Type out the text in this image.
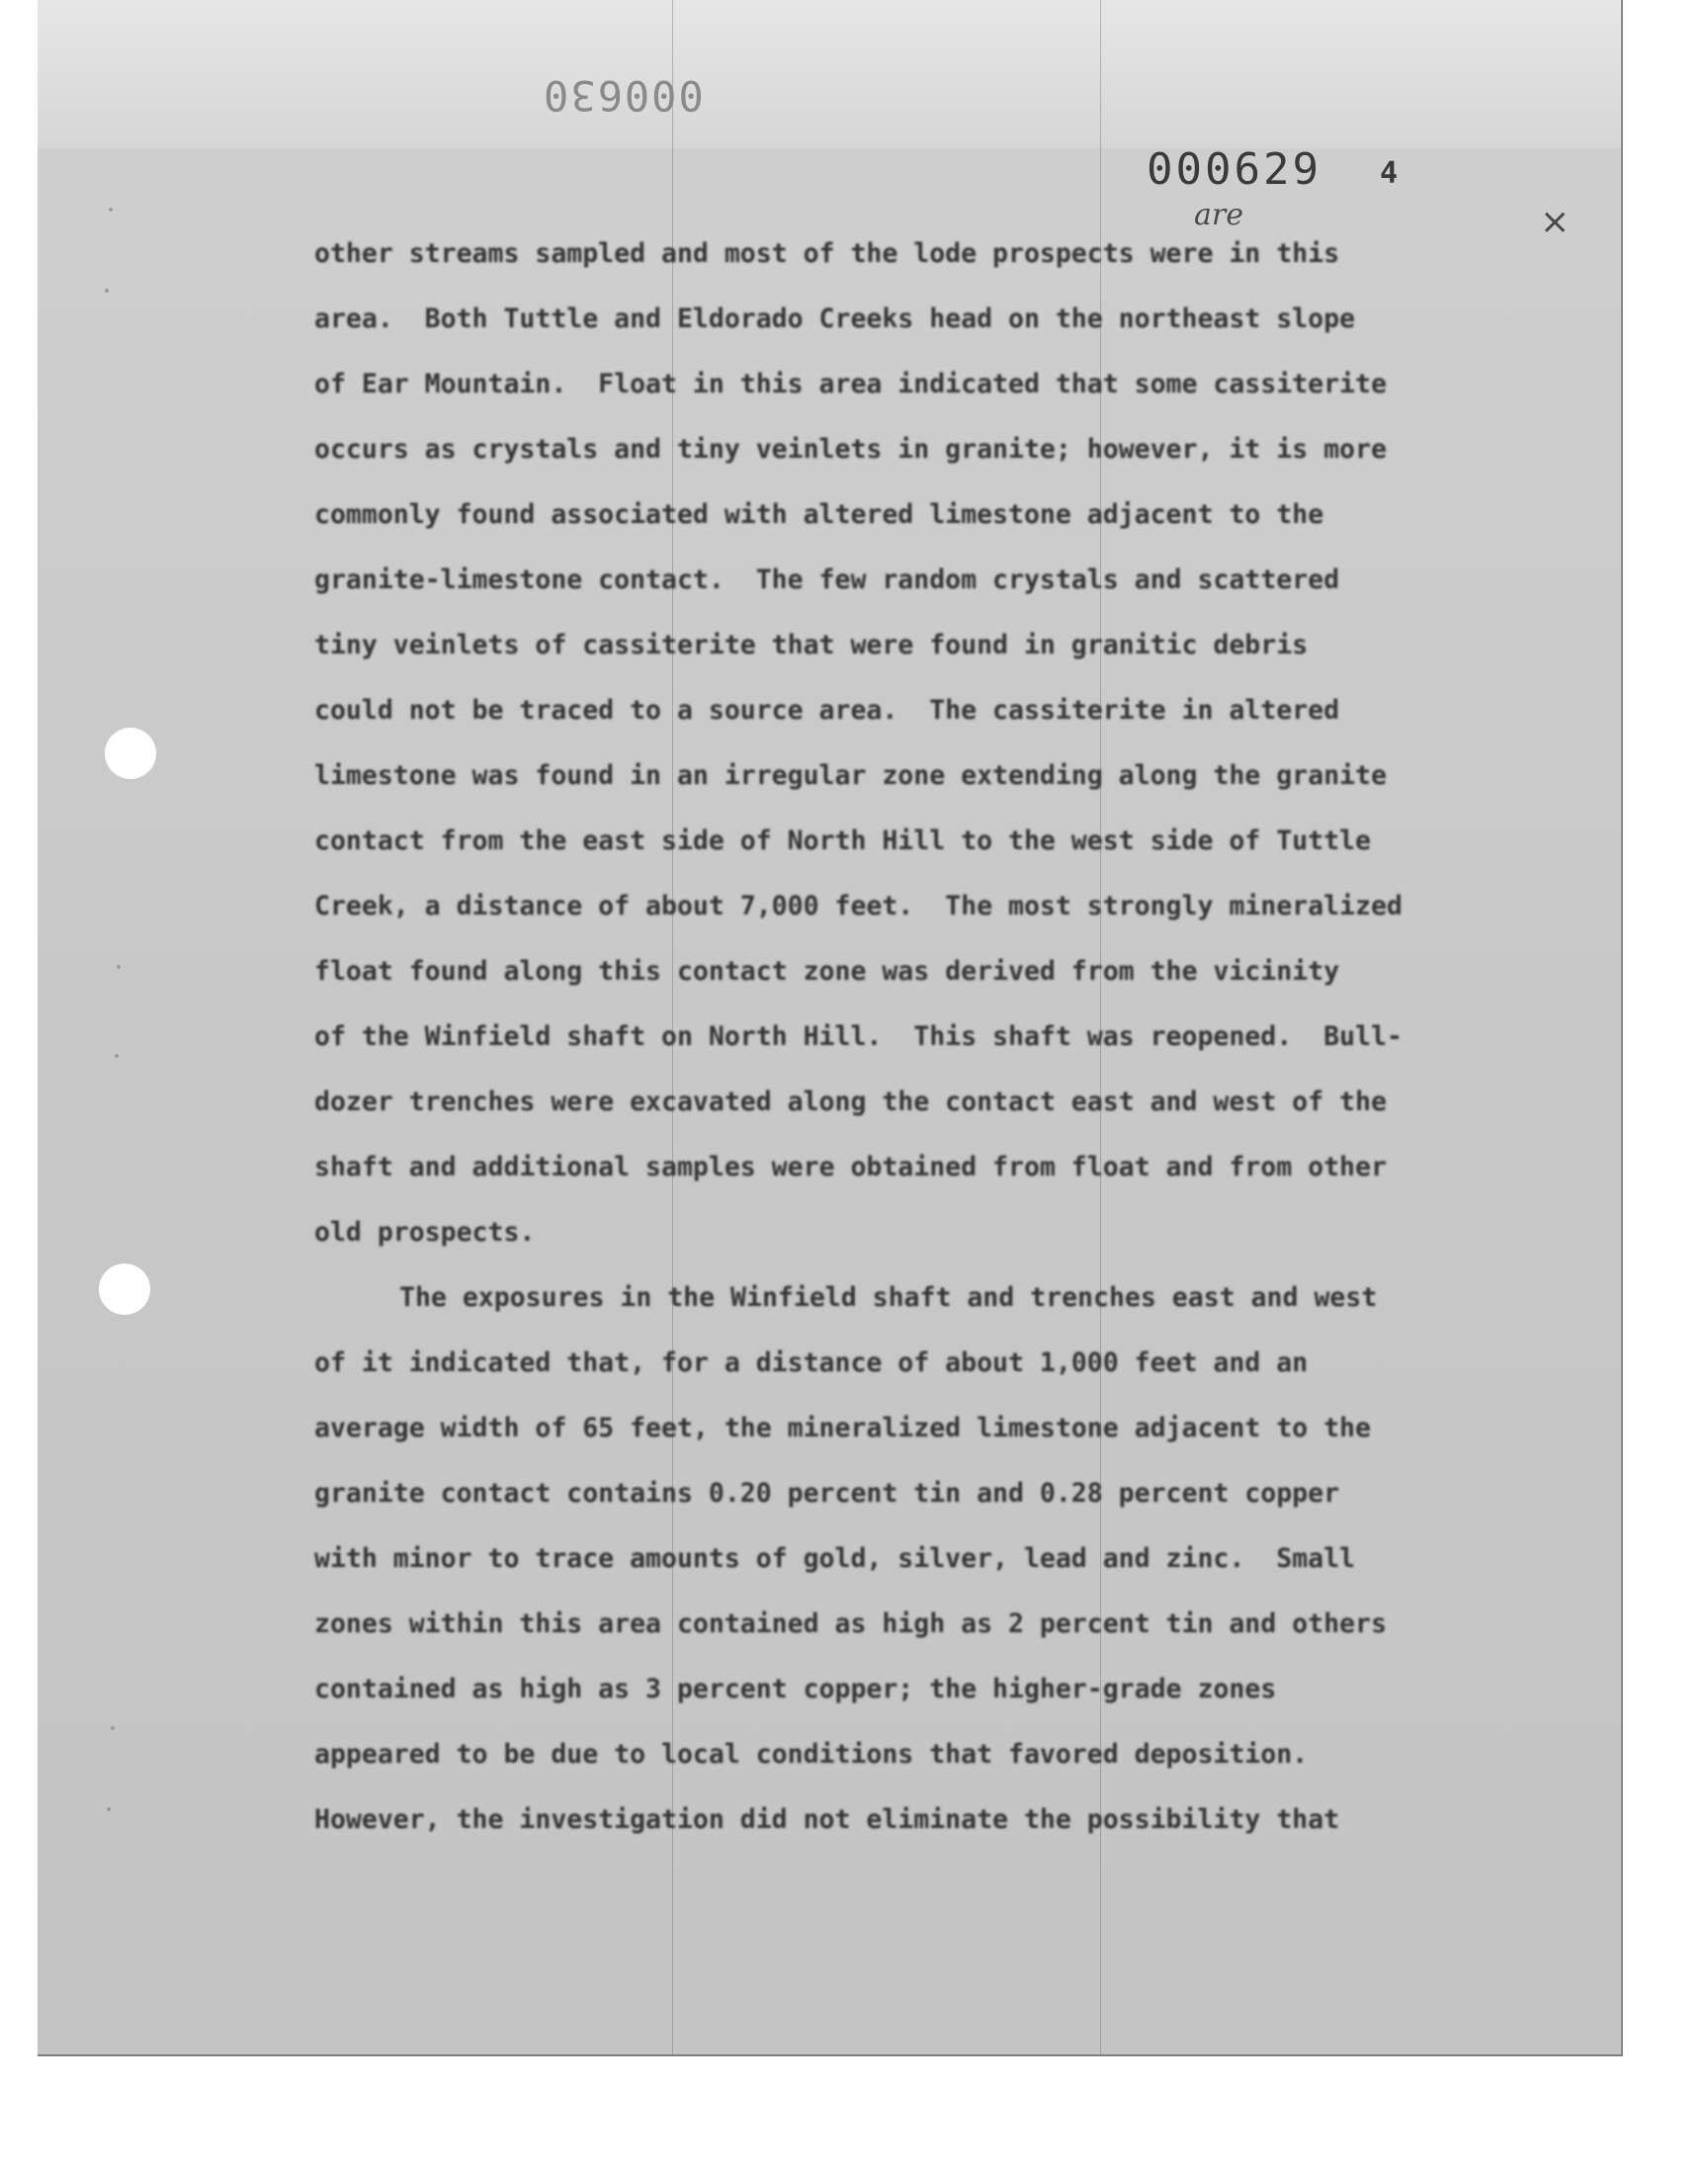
000630
000629 4
are	×
other streams sampled and most of the lode prospects were in this
area.  Both Tuttle and Eldorado Creeks head on the northeast slope
of Ear Mountain.  Float in this area indicated that some cassiterite
occurs as crystals and tiny veinlets in granite; however, it is more
commonly found associated with altered limestone adjacent to the
granite-limestone contact.  The few random crystals and scattered
tiny veinlets of cassiterite that were found in granitic debris
could not be traced to a source area.  The cassiterite in altered
limestone was found in an irregular zone extending along the granite
contact from the east side of North Hill to the west side of Tuttle
Creek, a distance of about 7,000 feet.  The most strongly mineralized
float found along this contact zone was derived from the vicinity
of the Winfield shaft on North Hill.  This shaft was reopened.  Bull-
dozer trenches were excavated along the contact east and west of the
shaft and additional samples were obtained from float and from other
old prospects.
The exposures in the Winfield shaft and trenches east and west
of it indicated that, for a distance of about 1,000 feet and an
average width of 65 feet, the mineralized limestone adjacent to the
granite contact contains 0.20 percent tin and 0.28 percent copper
with minor to trace amounts of gold, silver, lead and zinc.  Small
zones within this area contained as high as 2 percent tin and others
contained as high as 3 percent copper; the higher-grade zones
appeared to be due to local conditions that favored deposition.
However, the investigation did not eliminate the possibility that
